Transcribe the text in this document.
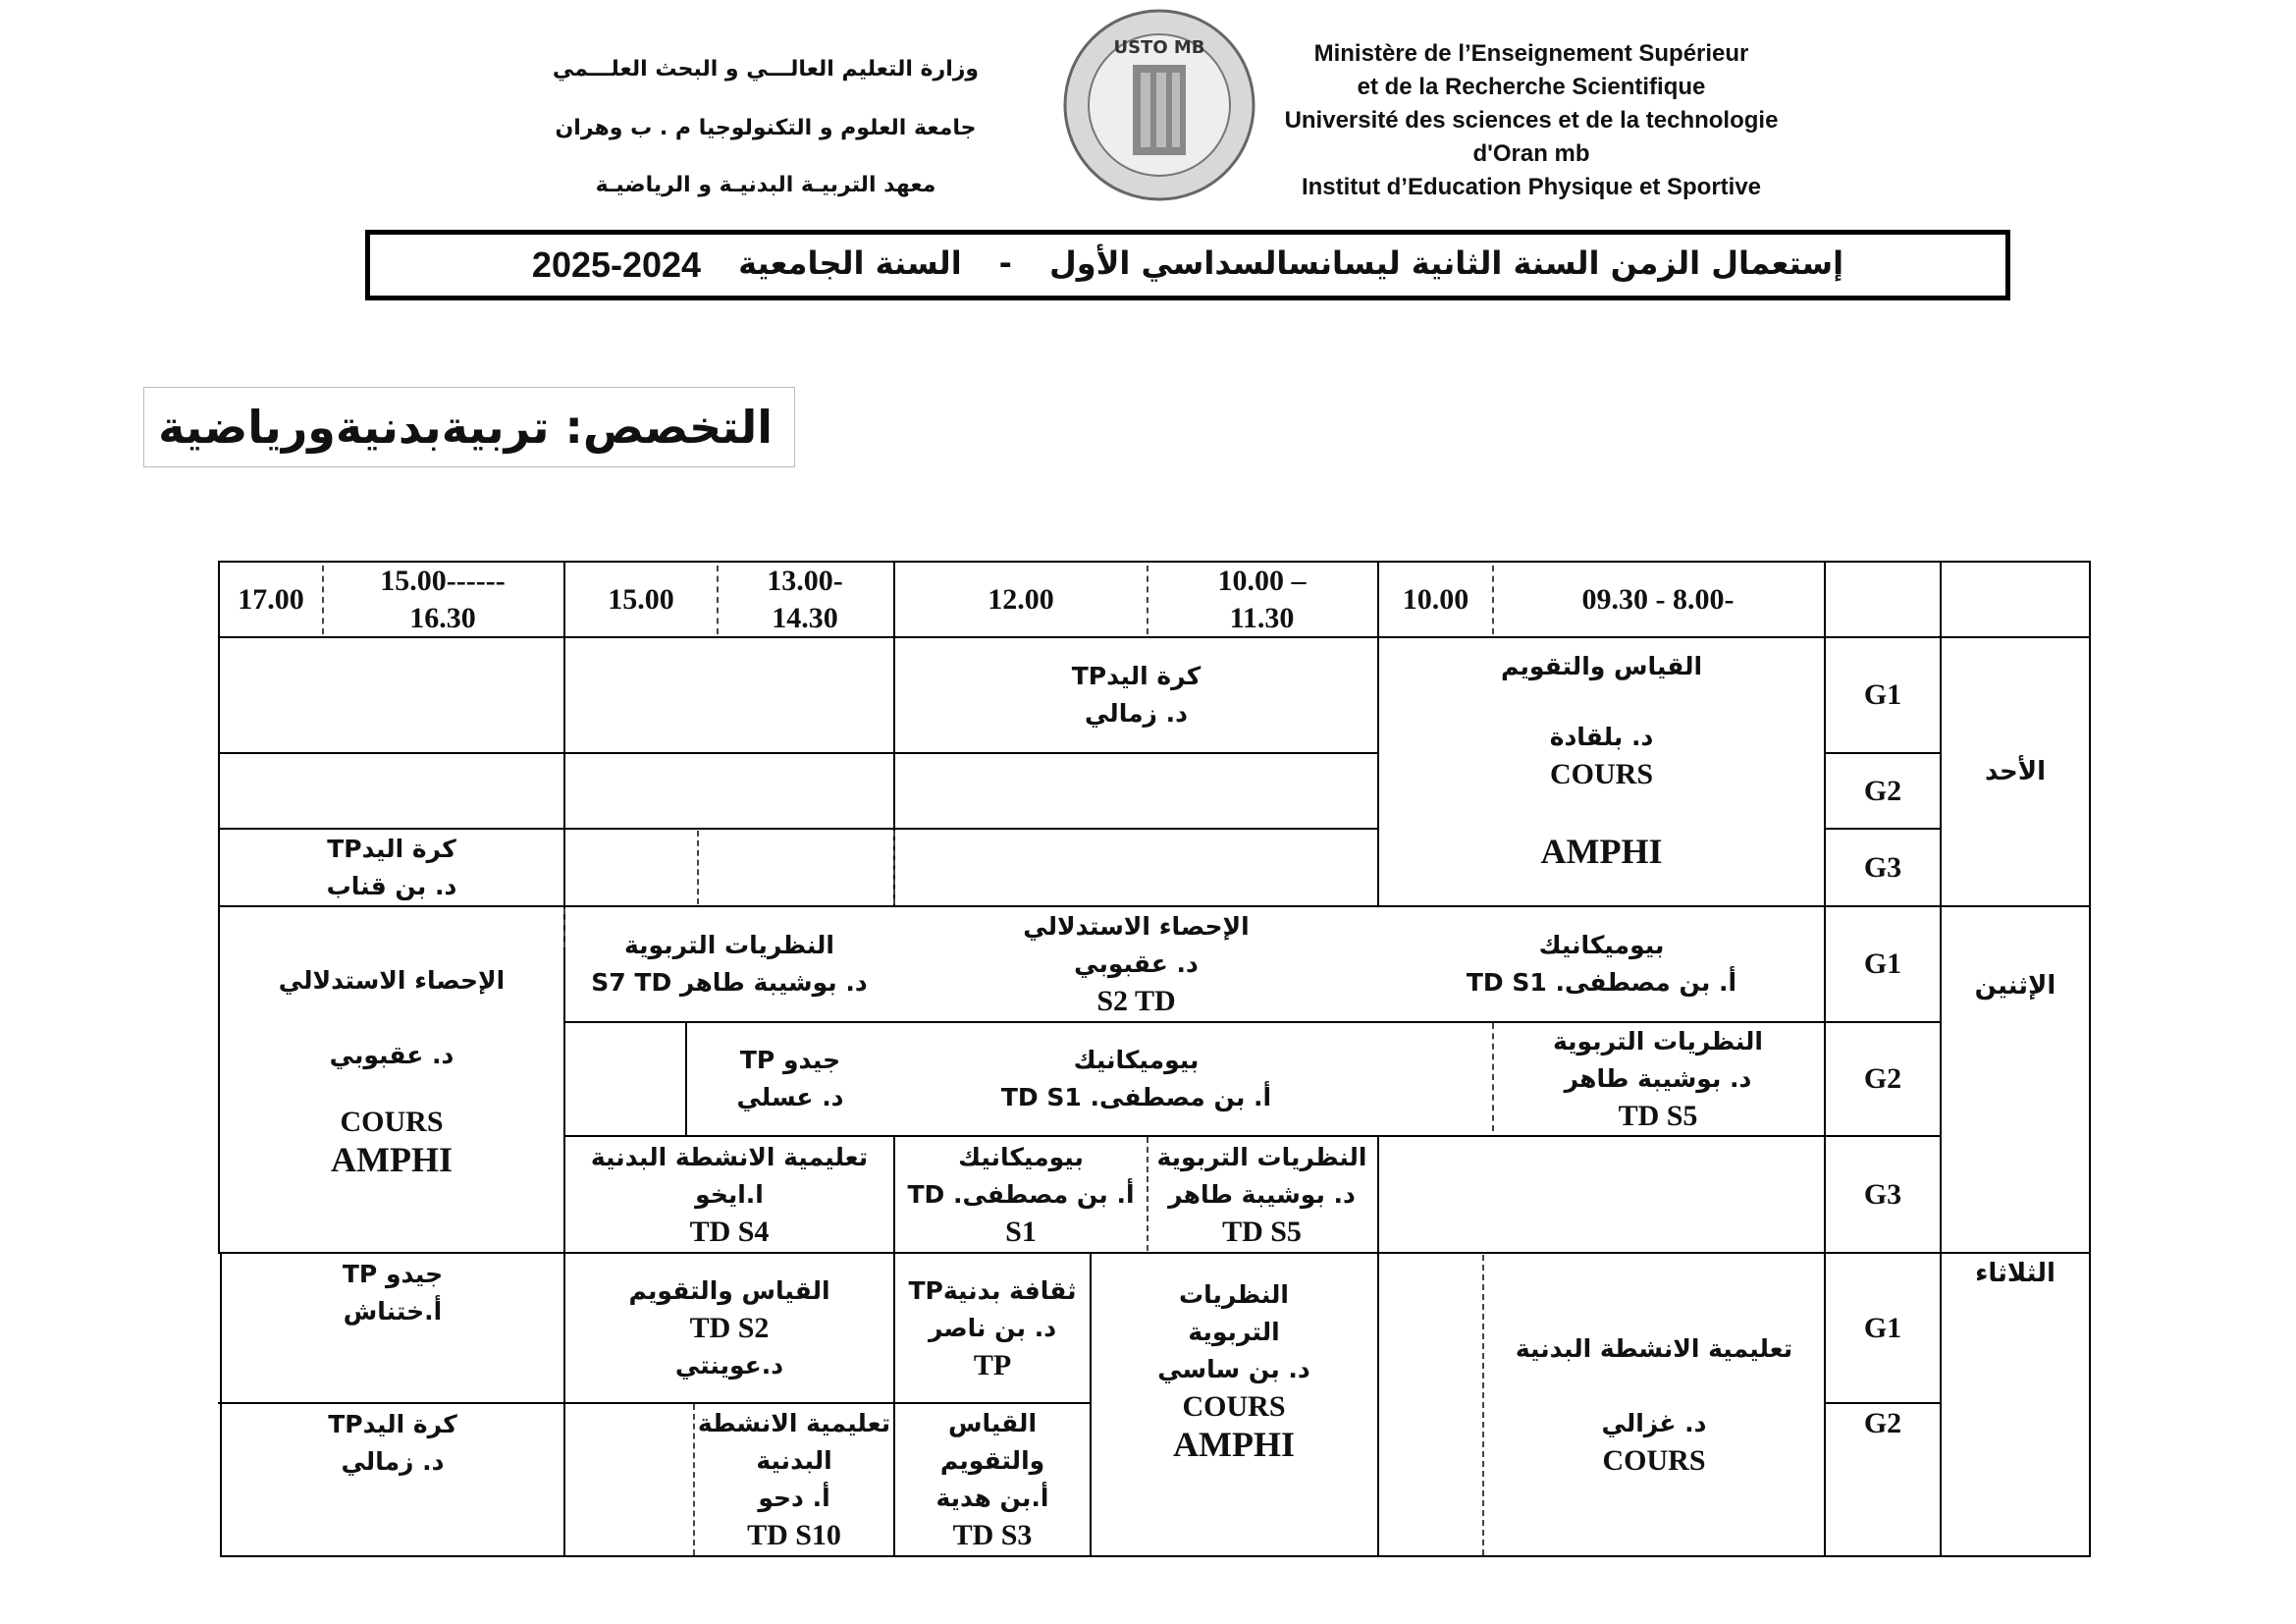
وزارة التعليم العالـــي و البحث العلـــمي
جامعة العلوم و التكنولوجيا م . ب وهران
معهد التربيـة البدنيـة و الرياضيـة
USTO MB	Ministère de l’Enseignement Supérieur
et de la Recherche Scientifique
Université des sciences et de la technologie
d'Oran mb
Institut d’Education Physique et Sportive
إستعمال الزمن السنة الثانية ليسانسالسداسي الأول
-
السنة الجامعية
2025-2024
التخصص: تربيةبدنيةورياضية
09.30 - 8.00-
10.00
10.00 –
11.30
12.00
13.00-
14.30
15.00
15.00------
16.30
17.00
الأحد
الإثنين
الثلاثاء
G1
G2
G3
G1
G2
G3
G1
G2
القياس والتقويم
د. بلقادة
COURS
AMPHI
كرة اليدTP
د. زمالي
كرة اليدTP
د. بن قناب
بيوميكانيك
أ. بن مصطفى. TD S1
الإحصاء الاستدلالي
د. عقبوبي
S2 TD
النظريات التربوية
د. بوشيبة طاهر S7 TD
الإحصاء الاستدلالي
د. عقبوبي
COURS
AMPHI
النظريات التربوية
د. بوشيبة طاهر
TD S5
بيوميكانيك
أ. بن مصطفى. TD S1
جيدو TP
د. عسلي
النظريات التربوية
د. بوشيبة طاهر
TD S5
بيوميكانيك
أ. بن مصطفى. TD
S1
تعليمية الانشطة البدنية
ا.ايخو
TD S4
تعليمية الانشطة البدنية
د. غزالي
COURS
النظريات
التربوية
د. بن ساسي
COURS
AMPHI
ثقافة بدنيةTP
د. بن ناصر
TP
القياس والتقويم
TD S2
د.عوينتي
جيدو TP
أ.ختناش
القياس
والتقويم
أ.بن هدية
TD S3
تعليمية الانشطة
البدنية
أ. دحو
TD S10
كرة اليدTP
د. زمالي
